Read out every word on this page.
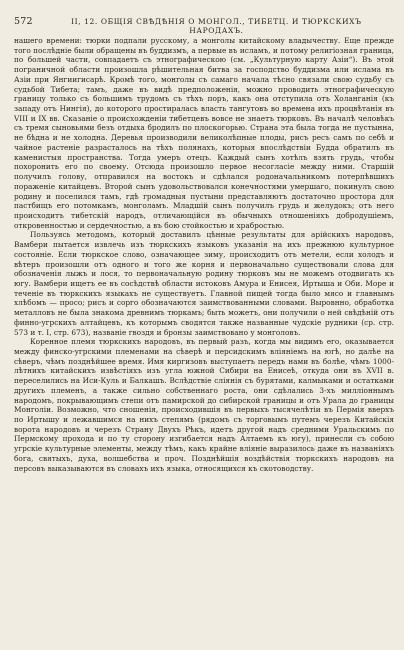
572	II, 12. ОБЩІЯ СВѢДѢНІЯ О МОНГОЛ., ТИБЕТЦ. И ТЮРКСКИХЪ НАРОДАХЪ.

нашего времени: тюрки подпали русскому, а монголы китайскому владычеству. Еще прежде того послѣдніе были обращены въ буддизмъ, а первые въ исламъ, и потому религіозная граница, по большей части, совпадаетъ съ этнографическою (см. „Культурную карту Азіи“). Въ этой пограничной области произошла рѣшительная битва за господство буддизма или ислама въ Азіи при Янгиигисарѣ. Кромѣ того, монголы съ самаго начала тѣсно связали свою судьбу съ судьбой Тибета; тамъ, даже въ видѣ предположенія, можно проводить этнографическую границу только съ большимъ трудомъ съ тѣхъ поръ, какъ она отступила отъ Холанганія (къ западу отъ Нингія), до которого простиралась власть тангутовъ во времена ихъ процвѣтанія въ VIII и IX вв. Сказаніе о происхожденіи тибетцевъ вовсе не знаетъ тюрковъ. Въ началѣ человѣкъ съ тремя сыновьями безъ отдыха бродилъ по плоскогорью. Страна эта была тогда не пустынна, не бѣдна и не холодна. Деревья производили великолѣпные плоды, рисъ ресъ самъ по себѣ и чайное растеніе разрасталось на тѣхъ полянахъ, которыя впослѣдствіи Будда обратилъ въ каменистыя пространства. Тогда умеръ отецъ. Каждый сынъ хотѣлъ взять грудь, чтобы похоронить его по своему. Отсюда произошло первое несогласіе между ними. Старшій получилъ голову, отправился на востокъ и сдѣлался родоначальникомъ потерпѣвшихъ пораженіе китайцевъ. Второй сынъ удовольствовался конечностями умершаго, покинулъ свою родину и поселился тамъ, гдѣ громадныя пустыни представляютъ достаточно простора для пастбищъ его потомкамъ, монголамъ. Младшій сынъ получилъ грудь и желудокъ; отъ него происходитъ тибетскій народъ, отличающійся въ обычныхъ отношеніяхъ добродушіемъ, откровенностью и сердечностью, а въ бою стойкостью и храбростью.

Пользуясь методомъ, который доставилъ цѣнные результаты для арійскихъ народовъ, Вамбери пытается извлечь изъ тюркскихъ языковъ указанія на ихъ прежнюю культурное состояніе. Если тюркское слово, означающее зиму, происходитъ отъ метели, если холодъ и вѣтеръ произошли отъ одного и того же корня и первоначально существовали слова для обозначенія лыжъ и лося, то первоначальную родину тюрковъ мы не можемъ отодвигать къ югу. Вамбери ищетъ ее въ сосѣдствѣ области истоковъ Амура и Енисея, Иртыша и Оби. Море и теченіе въ тюркскихъ языкахъ не существуетъ. Главной пищей тогда было мясо и главнымъ хлѣбомъ — просо; рисъ и сорго обозначаются заимствованными словами. Выровнно, обработка металловъ не была знакома древнимъ тюркамъ; быть можетъ, они получили о ней свѣдѣній отъ финно-угрскихъ алтайцевъ, къ которымъ сводятся также названные чудскіе рудники (ср. стр. 573 и т. I, стр. 673), названіе гвоздя и бронзы заимствовано у монголовъ.

Коренное племя тюркскихъ народовъ, въ первый разъ, когда мы видимъ его, оказывается между финско-угрскими племенами на сѣверѣ и персидскимъ вліяніемъ на югѣ, но далѣе на сѣверъ, чѣмъ позднѣйшее время. Имя киргизовъ выступаетъ передъ нами въ болѣе, чѣмъ 1000-лѣтнихъ китайскихъ извѣстіяхъ изъ угла южной Сибири на Енисеѣ, откуда они въ XVII в. переселились на Иси-Куль и Балкашъ. Вслѣдствіе сліянія съ бурятами, калмыками и остатками другихъ племенъ, а также сильно собственнаго роста, они сдѣлались 3-хъ милліоннымъ народомъ, покрывающимъ степи отъ памирской до сибирской границы и отъ Урала до границы Монголіи. Возможно, что сношенія, происходившія въ первыхъ тысячелѣтіи въ Пермія вверхъ по Иртышу и лежавшимся на нихъ степямъ (рядомъ съ торговымъ путемъ черезъ Китайскія ворота народовъ и черезъ Страну Двухъ Рѣкъ, идетъ другой надъ средними Уральскимъ по Пермскому прохода и по ту сторону изгибается надъ Алтаемъ къ югу), принесли съ собою угрскіе культурные элементы, между тѣмъ, какъ крайне вліяніе выразилось даже въ названіяхъ бога, святыхъ, духа, волшебства и проч. Позднѣйшія воздѣйствія тюркскихъ народовъ на персовъ выказываются въ словахъ ихъ языка, относящихся къ скотоводству.
